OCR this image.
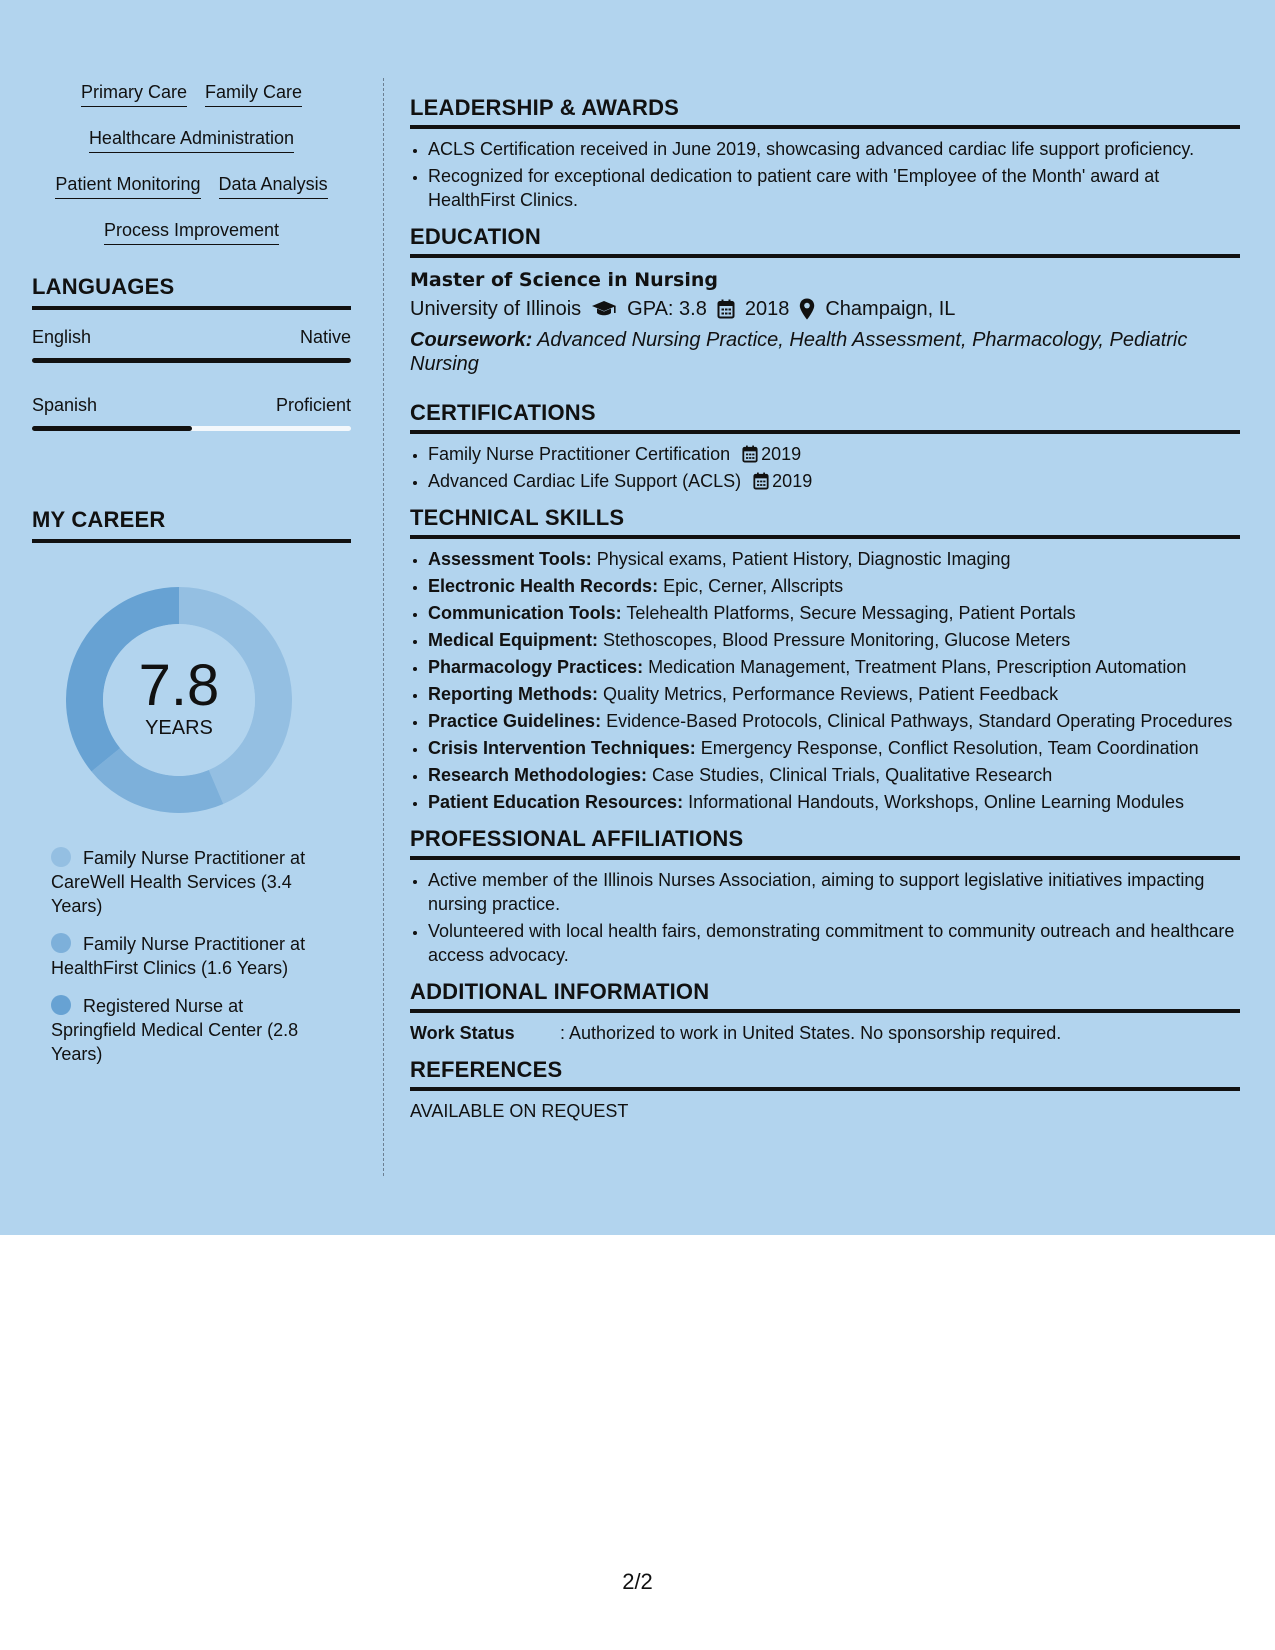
Primary Care Family Care
Healthcare Administration
Patient Monitoring Data Analysis
Process Improvement
LANGUAGES
English	Native
Spanish	Proficient
MY CAREER
7.8
YEARS
Family Nurse Practitioner at CareWell Health Services (3.4 Years)
Family Nurse Practitioner at HealthFirst Clinics (1.6 Years)
Registered Nurse at Springfield Medical Center (2.8 Years)
LEADERSHIP & AWARDS
• ACLS Certification received in June 2019, showcasing advanced cardiac life support proficiency.
• Recognized for exceptional dedication to patient care with 'Employee of the Month' award at HealthFirst Clinics.
EDUCATION
Master of Science in Nursing
University of Illinois GPA: 3.8 2018 Champaign, IL
Coursework: Advanced Nursing Practice, Health Assessment, Pharmacology, Pediatric Nursing
CERTIFICATIONS
• Family Nurse Practitioner Certification 2019
• Advanced Cardiac Life Support (ACLS) 2019
TECHNICAL SKILLS
• Assessment Tools: Physical exams, Patient History, Diagnostic Imaging
• Electronic Health Records: Epic, Cerner, Allscripts
• Communication Tools: Telehealth Platforms, Secure Messaging, Patient Portals
• Medical Equipment: Stethoscopes, Blood Pressure Monitoring, Glucose Meters
• Pharmacology Practices: Medication Management, Treatment Plans, Prescription Automation
• Reporting Methods: Quality Metrics, Performance Reviews, Patient Feedback
• Practice Guidelines: Evidence-Based Protocols, Clinical Pathways, Standard Operating Procedures
• Crisis Intervention Techniques: Emergency Response, Conflict Resolution, Team Coordination
• Research Methodologies: Case Studies, Clinical Trials, Qualitative Research
• Patient Education Resources: Informational Handouts, Workshops, Online Learning Modules
PROFESSIONAL AFFILIATIONS
• Active member of the Illinois Nurses Association, aiming to support legislative initiatives impacting nursing practice.
• Volunteered with local health fairs, demonstrating commitment to community outreach and healthcare access advocacy.
ADDITIONAL INFORMATION
Work Status	: Authorized to work in United States. No sponsorship required.
REFERENCES
AVAILABLE ON REQUEST
2/2
